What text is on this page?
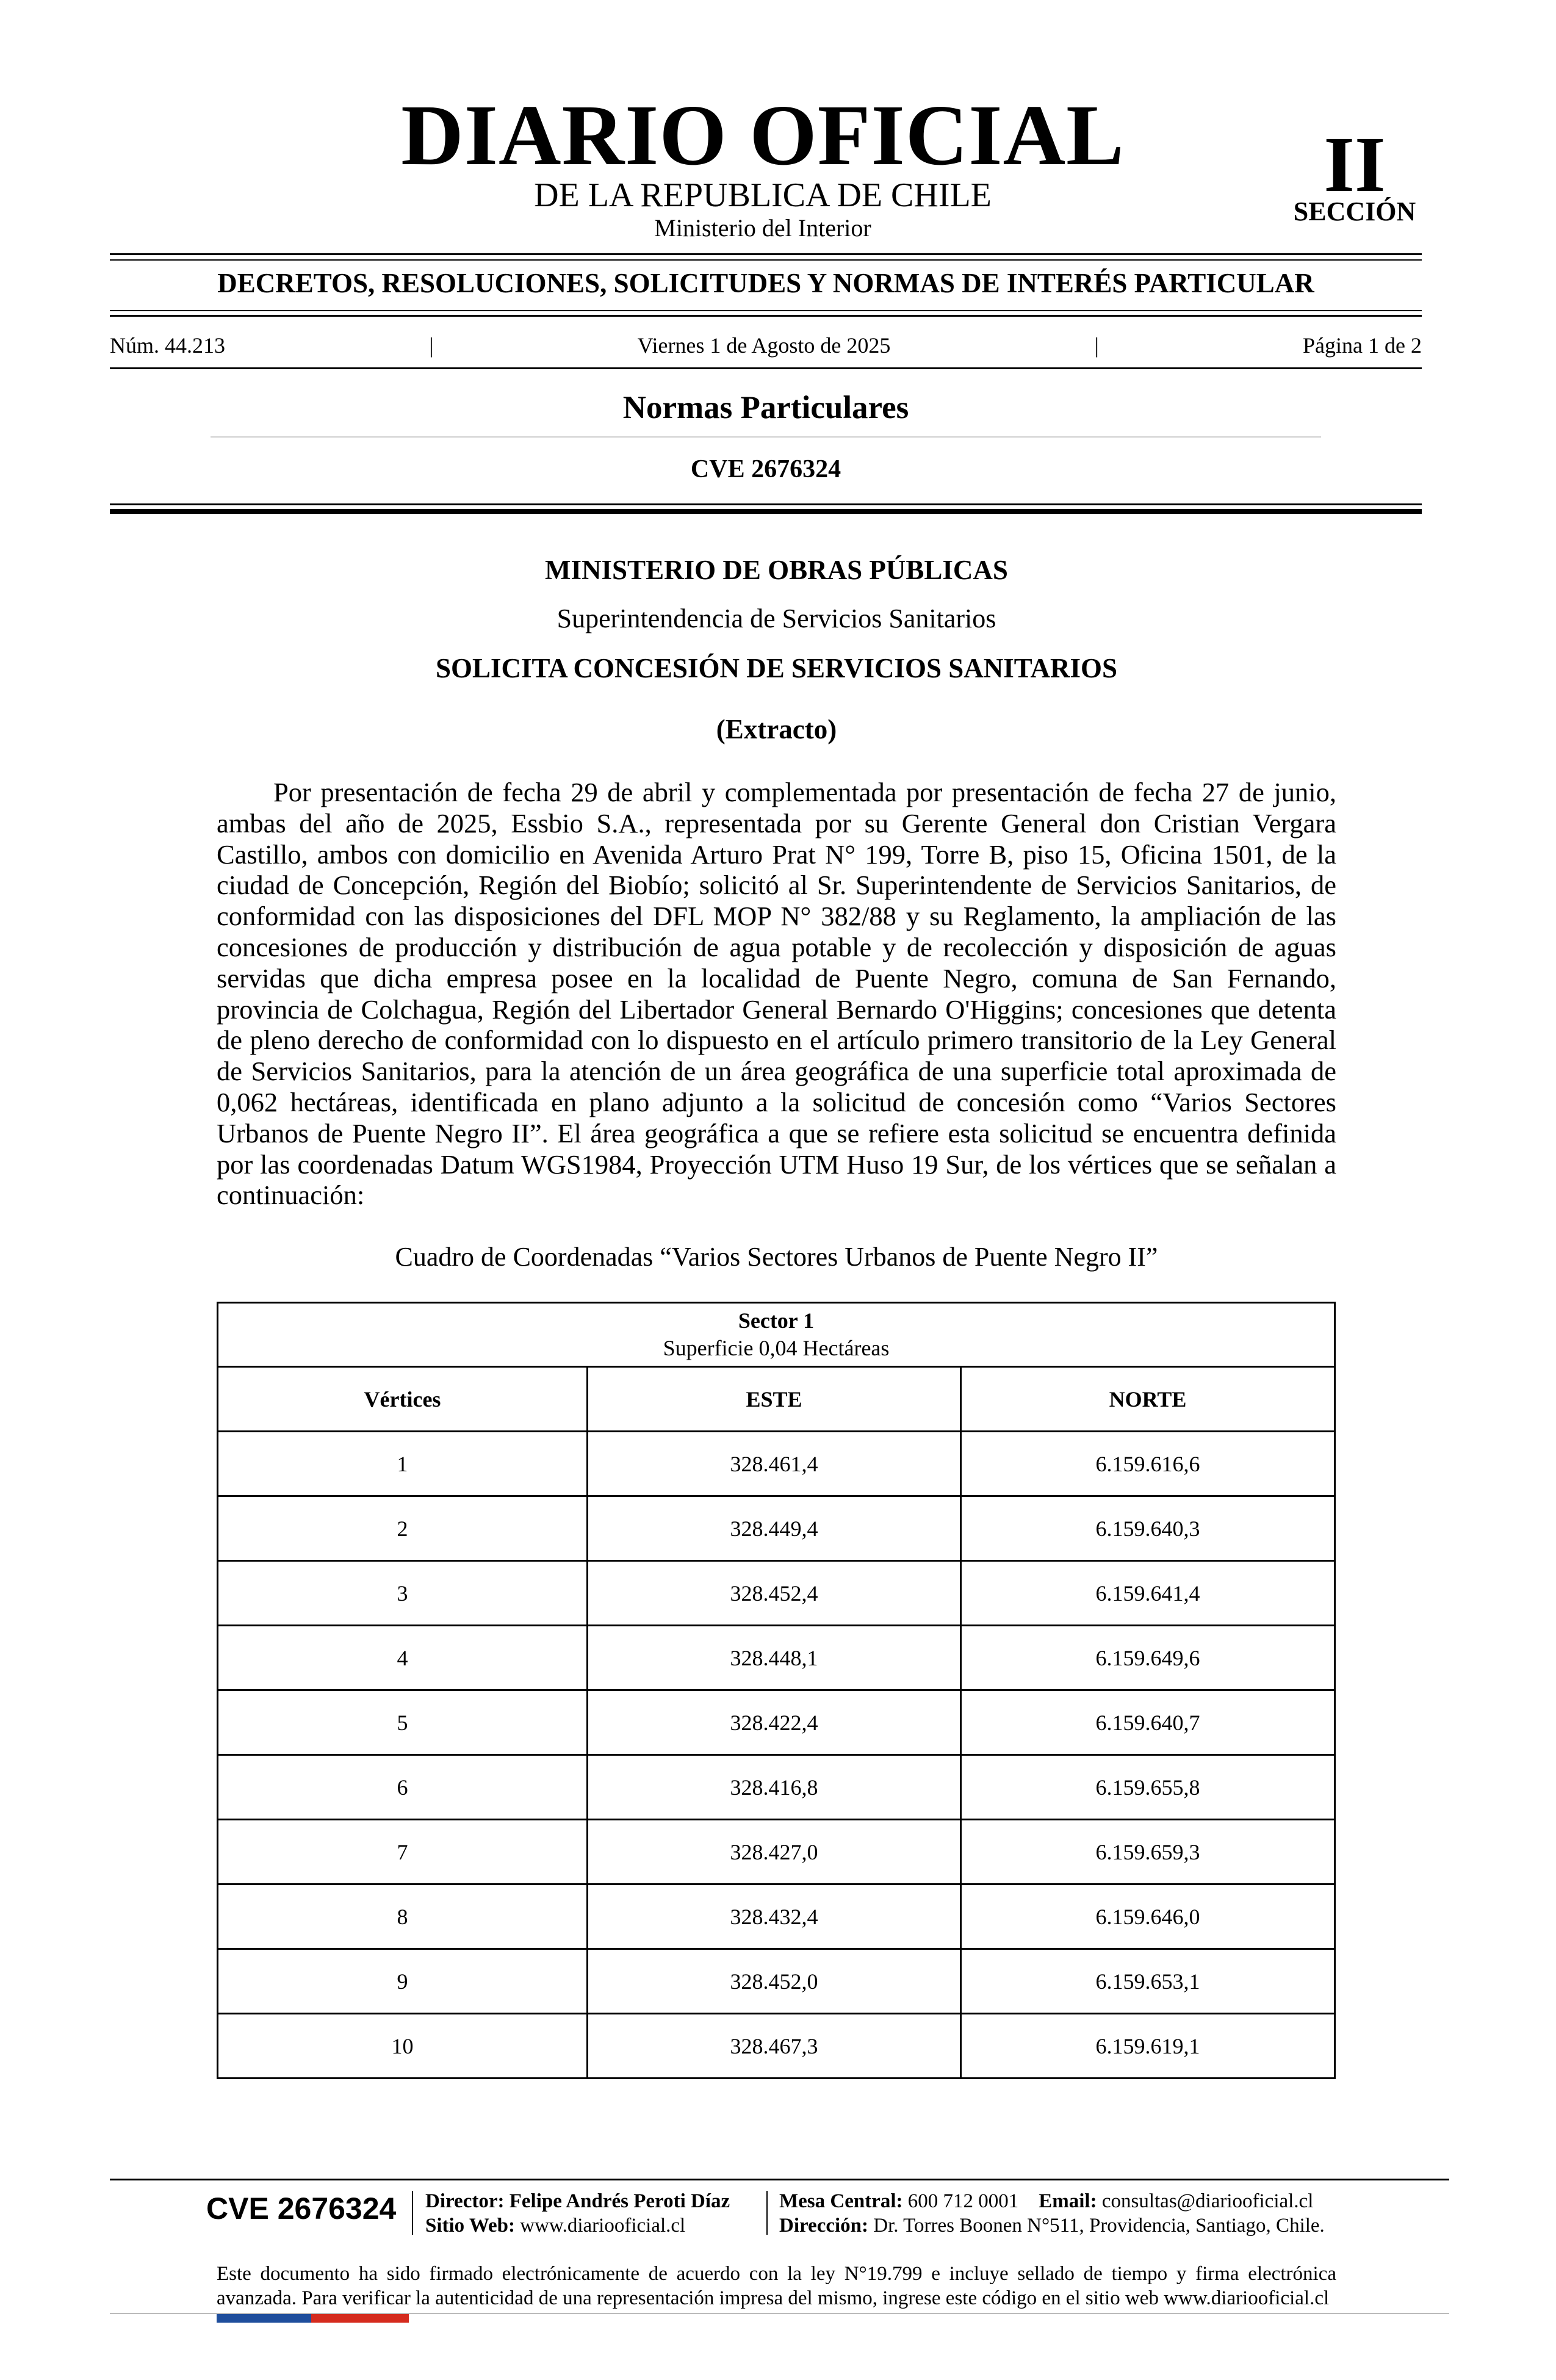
DIARIO OFICIAL
DE LA REPUBLICA DE CHILE
Ministerio del Interior
II
SECCIÓN
DECRETOS, RESOLUCIONES, SOLICITUDES Y NORMAS DE INTERÉS PARTICULAR
Núm. 44.213	|	Viernes 1 de Agosto de 2025	|	Página 1 de 2
Normas Particulares
CVE 2676324
MINISTERIO DE OBRAS PÚBLICAS
Superintendencia de Servicios Sanitarios
SOLICITA CONCESIÓN DE SERVICIOS SANITARIOS
(Extracto)

Por presentación de fecha 29 de abril y complementada por presentación de fecha 27 de junio, ambas del año de 2025, Essbio S.A., representada por su Gerente General don Cristian Vergara Castillo, ambos con domicilio en Avenida Arturo Prat N° 199, Torre B, piso 15, Oficina 1501, de la ciudad de Concepción, Región del Biobío; solicitó al Sr. Superintendente de Servicios Sanitarios, de conformidad con las disposiciones del DFL MOP N° 382/88 y su Reglamento, la ampliación de las concesiones de producción y distribución de agua potable y de recolección y disposición de aguas servidas que dicha empresa posee en la localidad de Puente Negro, comuna de San Fernando, provincia de Colchagua, Región del Libertador General Bernardo O'Higgins; concesiones que detenta de pleno derecho de conformidad con lo dispuesto en el artículo primero transitorio de la Ley General de Servicios Sanitarios, para la atención de un área geográfica de una superficie total aproximada de 0,062 hectáreas, identificada en plano adjunto a la solicitud de concesión como “Varios Sectores Urbanos de Puente Negro II”. El área geográfica a que se refiere esta solicitud se encuentra definida por las coordenadas Datum WGS1984, Proyección UTM Huso 19 Sur, de los vértices que se señalan a continuación:

Cuadro de Coordenadas “Varios Sectores Urbanos de Puente Negro II”
Sector 1
Superficie 0,04 Hectáreas		

Vértices	ESTE	NORTE
1	328.461,4	6.159.616,6
2	328.449,4	6.159.640,3
3	328.452,4	6.159.641,4
4	328.448,1	6.159.649,6
5	328.422,4	6.159.640,7
6	328.416,8	6.159.655,8
7	328.427,0	6.159.659,3
8	328.432,4	6.159.646,0
9	328.452,0	6.159.653,1
10	328.467,3	6.159.619,1
CVE 2676324 Director: Felipe Andrés Peroti Díaz
Sitio Web: www.diariooficial.cl
Mesa Central: 600 712 0001 Email: consultas@diariooficial.cl
Dirección: Dr. Torres Boonen N°511, Providencia, Santiago, Chile.

Este documento ha sido firmado electrónicamente de acuerdo con la ley N°19.799 e incluye sellado de tiempo y firma electrónica avanzada. Para verificar la autenticidad de una representación impresa del mismo, ingrese este código en el sitio web www.diariooficial.cl
